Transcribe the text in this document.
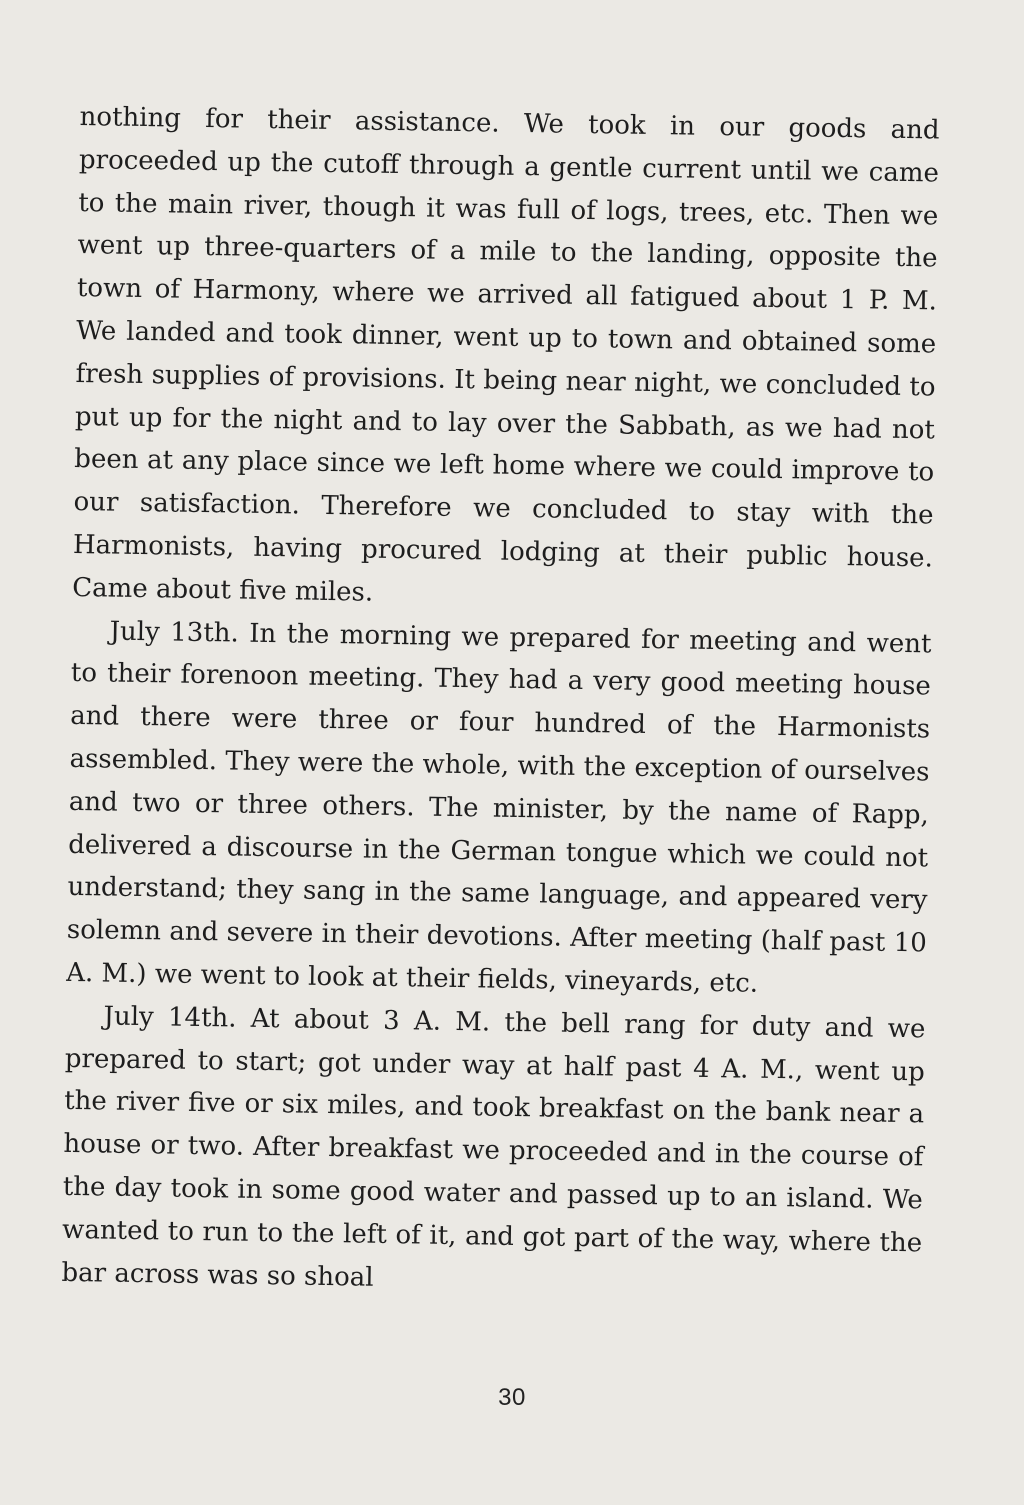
nothing for their assistance. We took in our goods and proceeded up the cutoff through a gentle current until we came to the main river, though it was full of logs, trees, etc. Then we went up three-quarters of a mile to the landing, opposite the town of Harmony, where we arrived all fatigued about 1 P. M. We landed and took dinner, went up to town and obtained some fresh supplies of provisions. It being near night, we concluded to put up for the night and to lay over the Sabbath, as we had not been at any place since we left home where we could improve to our satisfaction. Therefore we concluded to stay with the Harmonists, having procured lodging at their public house. Came about five miles.

July 13th. In the morning we prepared for meeting and went to their forenoon meeting. They had a very good meeting house and there were three or four hundred of the Harmonists assembled. They were the whole, with the exception of ourselves and two or three others. The minister, by the name of Rapp, delivered a discourse in the German tongue which we could not understand; they sang in the same language, and appeared very solemn and severe in their devotions. After meeting (half past 10 A. M.) we went to look at their fields, vineyards, etc.

July 14th. At about 3 A. M. the bell rang for duty and we prepared to start; got under way at half past 4 A. M., went up the river five or six miles, and took breakfast on the bank near a house or two. After breakfast we proceeded and in the course of the day took in some good water and passed up to an island. We wanted to run to the left of it, and got part of the way, where the bar across was so shoal

30
